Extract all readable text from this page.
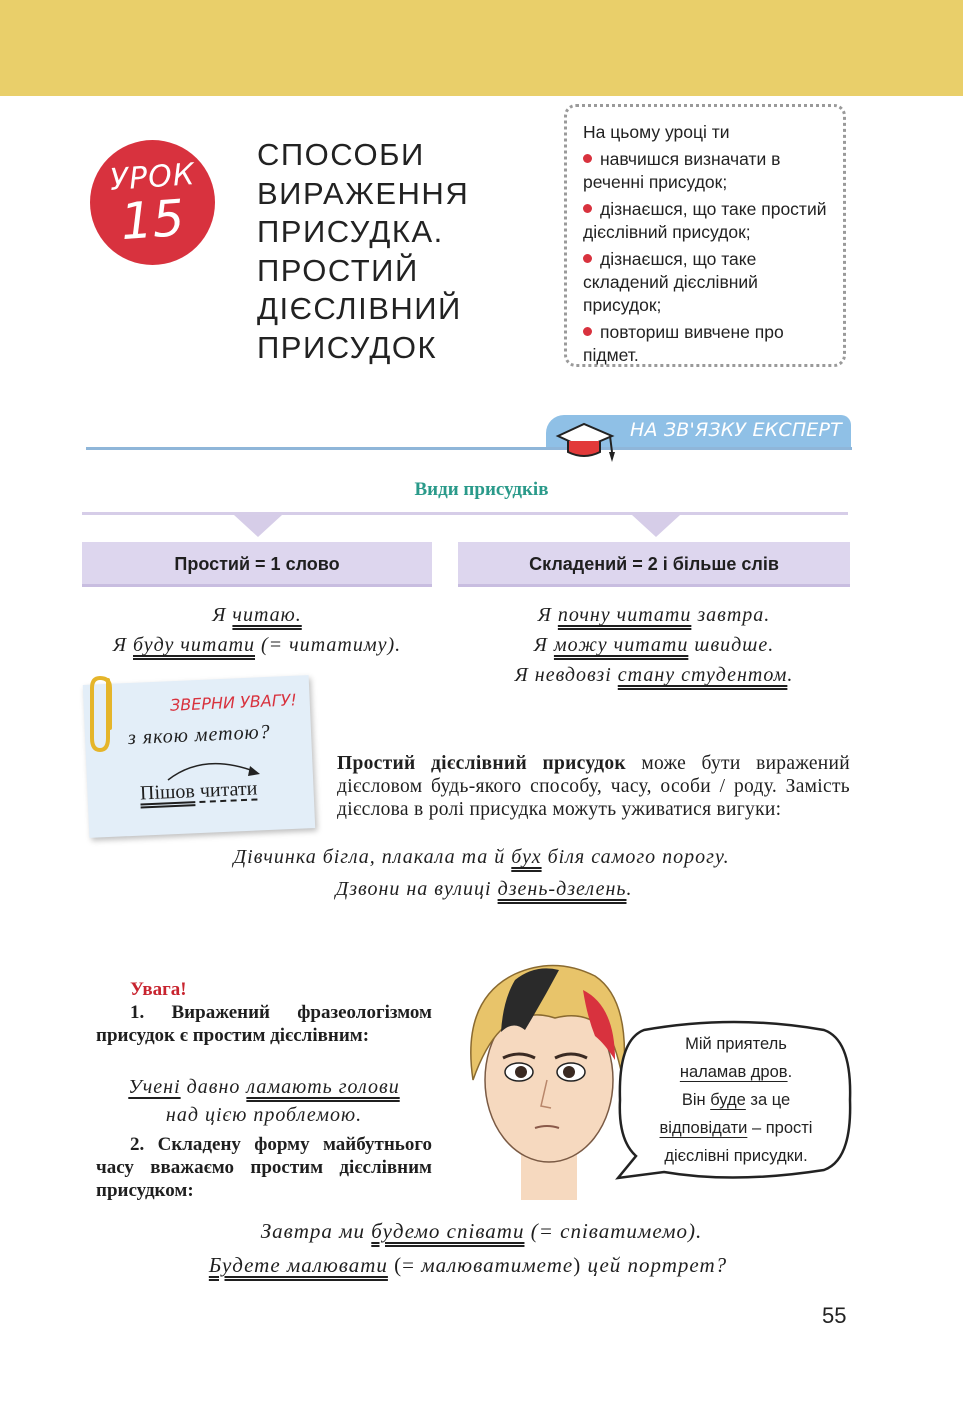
УРОК
15
СПОСОБИ
ВИРАЖЕННЯ
ПРИСУДКА.
ПРОСТИЙ
ДІЄСЛІВНИЙ
ПРИСУДОК
На цьому уроці ти
навчишся визначати в реченні присудок;
дізнаєшся, що таке простий дієслівний присудок;
дізнаєшся, що таке складений дієслівний присудок;
повториш вивчене про підмет.
НА ЗВ'ЯЗКУ ЕКСПЕРТ
Види присудків
Простий = 1 слово	Складений = 2 і більше слів
Я читаю.
Я буду читати (= читатиму).
Я почну читати завтра.
Я можу читати швидше.
Я невдовзі стану студентом.
ЗВЕРНИ УВАГУ!
з якою метою?
Пішов читати
Простий дієслівний присудок може бути виражений дієсловом будь-якого способу, часу, особи / роду. Замість дієслова в ролі присудка можуть уживатися вигуки:
Дівчинка бігла, плакала та й бух біля самого порогу.
Дзвони на вулиці дзень-дзелень.
Увага!

1. Виражений фразеологізмом присудок є простим дієслівним:

2. Складену форму майбутнього часу вважаємо простим дієслівним присудком:

Учені давно ламають голови
над цією проблемою.
Мій приятель
наламав дров.
Він буде за це
відповідати – прості
дієслівні присудки.
Завтра ми будемо співати (= співатимемо).
Будете малювати (= малюватимете) цей портрет?
55
